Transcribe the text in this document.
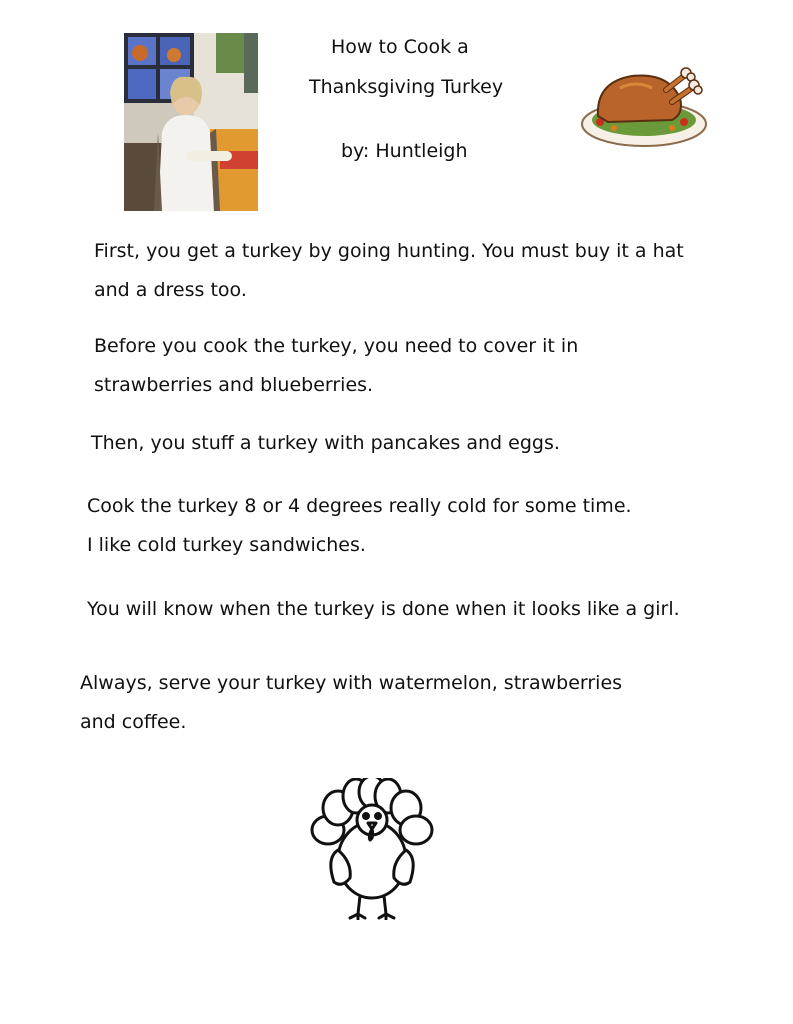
How to Cook a
Thanksgiving Turkey
by: Huntleigh
First, you get a turkey by going hunting. You must buy it a hat
and a dress too.
Before you cook the turkey, you need to cover it in
strawberries and blueberries.
Then, you stuff a turkey with pancakes and eggs.
Cook the turkey 8 or 4 degrees really cold for some time.
I like cold turkey sandwiches.
You will know when the turkey is done when it looks like a girl.
Always, serve your turkey with watermelon, strawberries
and coffee.
